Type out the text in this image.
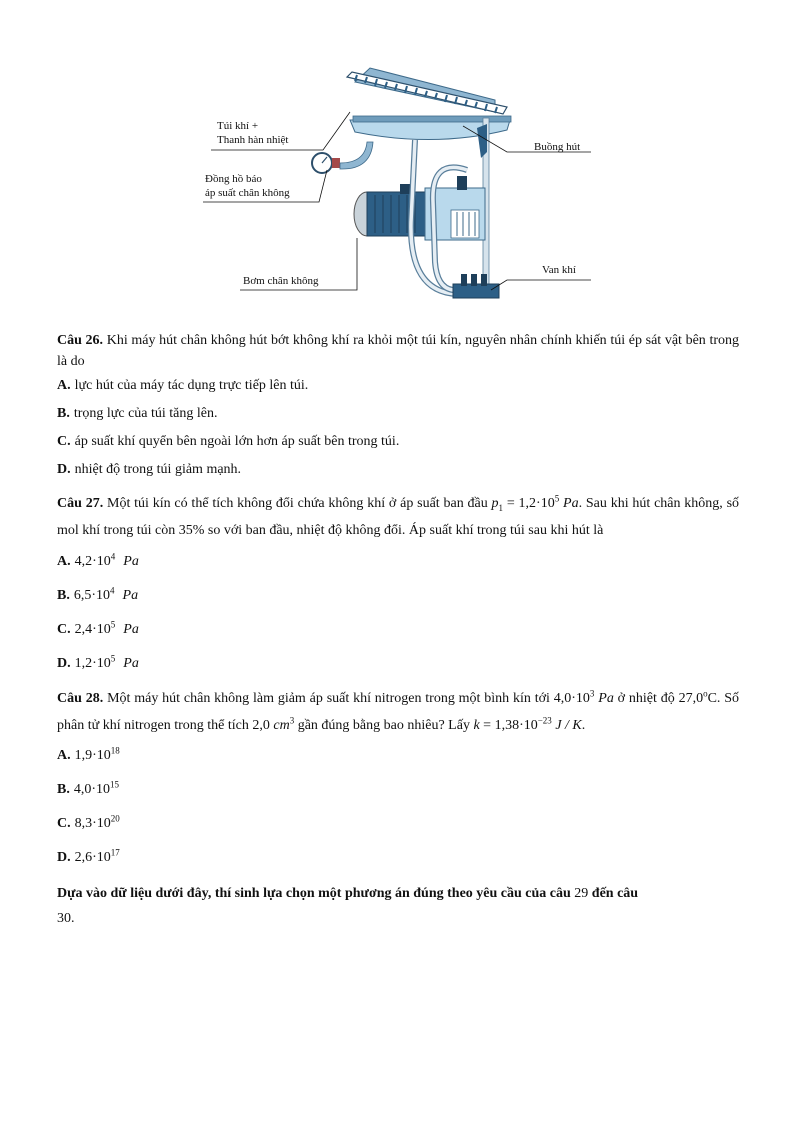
Túi khí +
Thanh hàn nhiệt
Đồng hồ báo
áp suất chân không
Bơm chân không
Buồng hút
Van khí

Câu 26. Khi máy hút chân không hút bớt không khí ra khỏi một túi kín, nguyên nhân chính khiến túi ép sát vật bên trong là do

A. lực hút của máy tác dụng trực tiếp lên túi.

B. trọng lực của túi tăng lên.

C. áp suất khí quyển bên ngoài lớn hơn áp suất bên trong túi.

D. nhiệt độ trong túi giảm mạnh.

Câu 27. Một túi kín có thể tích không đổi chứa không khí ở áp suất ban đầu $p_1 = 1,2\cdot 10^5$ Pa. Sau khi hút chân không, số mol khí trong túi còn 35% so với ban đầu, nhiệt độ không đổi. Áp suất khí trong túi sau khi hút là

A. $4,2\cdot 10^4$ Pa

B. $6,5\cdot 10^4$ Pa

C. $2,4\cdot 10^5$ Pa

D. $1,2\cdot 10^5$ Pa

Câu 28. Một máy hút chân không làm giảm áp suất khí nitrogen trong một bình kín tới $4,0\cdot 10^3$ Pa ở nhiệt độ 27,0$^o$C. Số phân tử khí nitrogen trong thể tích 2,0 $cm^3$ gần đúng bằng bao nhiêu? Lấy $k = 1,38\cdot 10^{-23}$ J / K.

A. $1,9\cdot 10^{18}$

B. $4,0\cdot 10^{15}$

C. $8,3\cdot 10^{20}$

D. $2,6\cdot 10^{17}$

Dựa vào dữ liệu dưới đây, thí sinh lựa chọn một phương án đúng theo yêu cầu của câu 29 đến câu
30.
